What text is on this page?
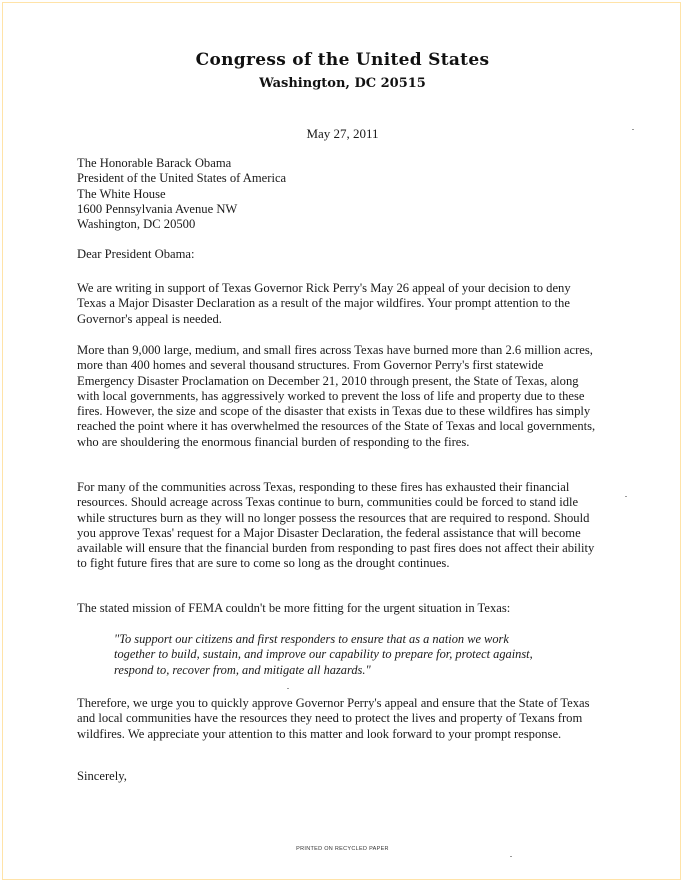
Congress of the United States
Washington, DC 20515
May 27, 2011
The Honorable Barack Obama
President of the United States of America
The White House
1600 Pennsylvania Avenue NW
Washington, DC 20500
Dear President Obama:
We are writing in support of Texas Governor Rick Perry's May 26 appeal of your decision to deny Texas a Major Disaster Declaration as a result of the major wildfires. Your prompt attention to the Governor's appeal is needed.
More than 9,000 large, medium, and small fires across Texas have burned more than 2.6 million acres, more than 400 homes and several thousand structures. From Governor Perry's first statewide Emergency Disaster Proclamation on December 21, 2010 through present, the State of Texas, along with local governments, has aggressively worked to prevent the loss of life and property due to these fires. However, the size and scope of the disaster that exists in Texas due to these wildfires has simply reached the point where it has overwhelmed the resources of the State of Texas and local governments, who are shouldering the enormous financial burden of responding to the fires.
For many of the communities across Texas, responding to these fires has exhausted their financial resources. Should acreage across Texas continue to burn, communities could be forced to stand idle while structures burn as they will no longer possess the resources that are required to respond. Should you approve Texas' request for a Major Disaster Declaration, the federal assistance that will become available will ensure that the financial burden from responding to past fires does not affect their ability to fight future fires that are sure to come so long as the drought continues.
The stated mission of FEMA couldn't be more fitting for the urgent situation in Texas:
"To support our citizens and first responders to ensure that as a nation we work together to build, sustain, and improve our capability to prepare for, protect against, respond to, recover from, and mitigate all hazards."
Therefore, we urge you to quickly approve Governor Perry's appeal and ensure that the State of Texas and local communities have the resources they need to protect the lives and property of Texans from wildfires. We appreciate your attention to this matter and look forward to your prompt response.
Sincerely,
PRINTED ON RECYCLED PAPER
